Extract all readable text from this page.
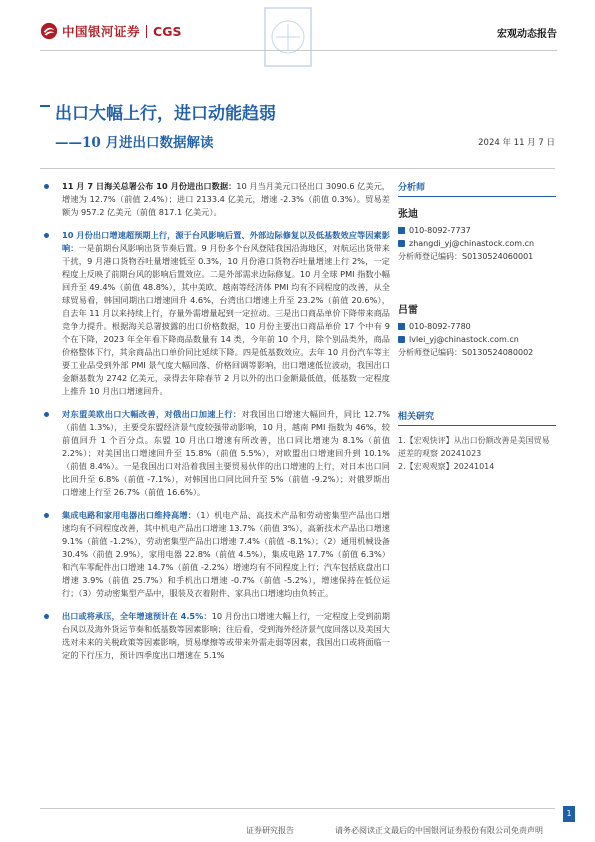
中国银河证券 CGS	宏观动态报告
出口大幅上行，进口动能趋弱
——10 月进出口数据解读	2024 年 11 月 7 日
11 月 7 日海关总署公布 10 月份进出口数据：10 月当月美元口径出口 3090.6 亿美元，增速为 12.7%（前值 2.4%）；进口 2133.4 亿美元，增速 -2.3%（前值 0.3%）。贸易差额为 957.2 亿美元（前值 817.1 亿美元）。
10 月份出口增速超预期上行，源于台风影响后置、外部边际修复以及低基数效应等因素影响：一是前期台风影响出货节奏后置。9 月份多个台风登陆我国沿海地区，对航运出货带来干扰，9 月港口货物吞吐量增速低至 0.3%，10 月份港口货物吞吐量增速上行 2%，一定程度上反映了前期台风的影响后置效应。二是外部需求边际修复。10 月全球 PMI 指数小幅回升至 49.4%（前值 48.8%），其中美欧、越南等经济体 PMI 均有不同程度的改善，从全球贸易看，韩国同期出口增速回升 4.6%，台湾出口增速上升至 23.2%（前值 20.6%），自去年 11 月以来持续上行，存量外需增量起到一定拉动。三是出口商品单价下降带来商品竞争力提升。根据海关总署披露的出口价格数据，10 月份主要出口商品单价 17 个中有 9 个在下降，2023 年全年看下降商品数量有 14 类，今年前 10 个月，除个别品类外，商品价格整体下行，其余商品出口单价同比延续下降。四是低基数效应。去年 10 月份汽车等主要工业品受到外部 PMI 景气度大幅回落、价格回调等影响，出口增速低位波动，我国出口金额基数为 2742 亿美元，录得去年除春节 2 月以外的出口金额最低值，低基数一定程度上推升 10 月出口增速回升。
对东盟美欧出口大幅改善，对俄出口加速上行：对我国出口增速大幅回升，同比 12.7%（前值 1.3%），主要受东盟经济景气度较强带动影响，10 月，越南 PMI 指数为 46%，较前值回升 1 个百分点。东盟 10 月出口增速有所改善，出口同比增速为 8.1%（前值 2.2%）；对美国出口增速回升至 15.8%（前值 5.5%），对欧盟出口增速回升到 10.1%（前值 8.4%）。一是我国出口对沿着我国主要贸易伙伴的出口增速的上行，对日本出口同比回升至 6.8%（前值 -7.1%），对韩国出口同比回升至 5%（前值 -9.2%）；对俄罗斯出口增速上行至 26.7%（前值 16.6%）。
集成电路和家用电器出口维持高增：（1）机电产品、高技术产品和劳动密集型产品出口增速均有不同程度改善，其中机电产品出口增速 13.7%（前值 3%），高新技术产品出口增速 9.1%（前值 -1.2%），劳动密集型产品出口增速 7.4%（前值 -8.1%）；（2）通用机械设备 30.4%（前值 2.9%），家用电器 22.8%（前值 4.5%），集成电路 17.7%（前值 6.3%）和汽车零配件出口增速 14.7%（前值 -2.2%）增速均有不同程度上行；汽车包括底盘出口增速 3.9%（前值 25.7%）和手机出口增速 -0.7%（前值 -5.2%），增速保持在低位运行；（3）劳动密集型产品中，服装及衣着附件、家具出口增速均由负转正。
出口或将承压，全年增速预计在 4.5%：10 月份出口增速大幅上行，一定程度上受到前期台风以及海外货运节奏和低基数等因素影响；往后看，受到海外经济景气度回落以及美国大选对未来的关税政策等因素影响，贸易摩擦等或带来外需走弱等因素，我国出口或将面临一定的下行压力，预计四季度出口增速在 5.1%
分析师
张迪
010-8092-7737
zhangdi_yj@chinastock.com.cn
分析师登记编码：S0130524060001
吕雷
010-8092-7780
lvlei_yj@chinastock.com.cn
分析师登记编码：S0130524080002
相关研究
1.【宏观快评】从出口份额改善是美国贸易逆差的观察 20241023
2.【宏观观察】20241014
证券研究报告	请务必阅读正文最后的中国银河证券股份有限公司免责声明
1
